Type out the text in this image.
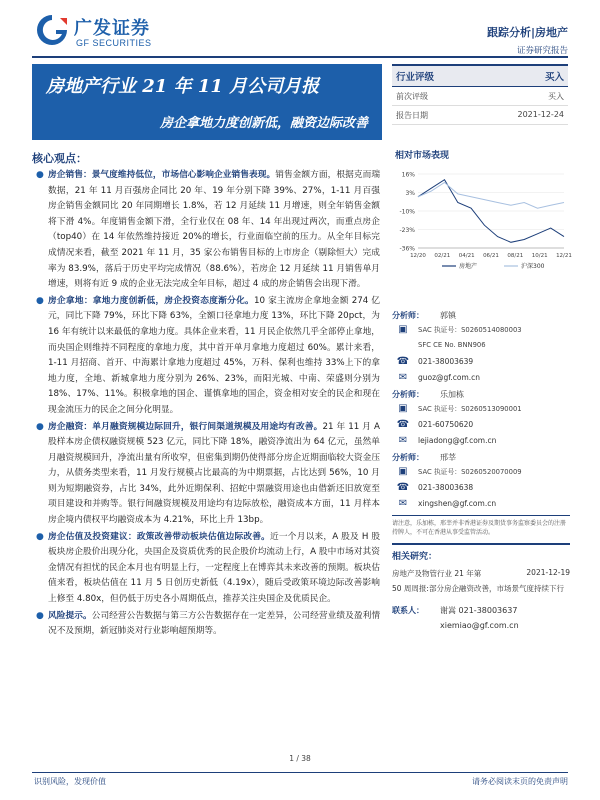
广发证券
GF SECURITIES
跟踪分析|房地产
证券研究报告
房地产行业 21 年 11 月公司月报
房企拿地力度创新低，融资边际改善
行业评级	买入
前次评级	买入
报告日期	2021-12-24
核心观点：

● 房企销售：景气度维持低位，市场信心影响企业销售表现。销售金额方面，根据克而瑞数据，21 年 11 月百强房企同比 20 年、19 年分别下降 39%、27%，1-11 月百强房企销售金额同比 20 年同期增长 1.8%，若 12 月延续 11 月增速，则全年销售金额将下滑 4%。年度销售金额下滑，全行业仅在 08 年、14 年出现过两次，而重点房企（top40）在 14 年依然维持接近 20%的增长，行业面临空前的压力。从全年目标完成情况来看，截至 2021 年 11 月，35 家公布销售目标的上市房企（剔除恒大）完成率为 83.9%，落后于历史平均完成情况（88.6%），若房企 12 月延续 11 月销售单月增速，则将有近 9 成的企业无法完成全年目标，超过 4 成的房企销售会出现下滑。

● 房企拿地：拿地力度创新低，房企投资态度渐分化。10 家主流房企拿地金额 274 亿元，同比下降 79%，环比下降 63%，全额口径拿地力度 13%，环比下降 20pct，为 16 年有统计以来最低的拿地力度。具体企业来看，11 月民企依然几乎全部停止拿地，而央国企则维持不同程度的拿地力度，其中首开单月拿地力度超过 60%。累计来看，1-11 月招商、首开、中海累计拿地力度超过 45%，万科、保利也维持 33%上下的拿地力度，全地、新城拿地力度分别为 26%、23%，而阳光城、中南、荣盛则分别为 18%、17%、11%。积极拿地的国企、谨慎拿地的国企，资金相对安全的民企和现在现金流压力的民企之间分化明显。

● 房企融资：单月融资规模边际回升，银行间渠道规模及用途均有改善。21 年 11 月 A 股样本房企债权融资规模 523 亿元，同比下降 18%，融资净流出为 64 亿元，虽然单月融资规模回升，净流出量有所收窄，但密集到期仍使得部分房企近期面临较大资金压力，从债务类型来看，11 月发行规模占比最高的为中期票据，占比达到 56%，10 月则为短期融资券，占比 34%，此外近期保利、招蛇中票融资用途也由借新还旧放宽至项目建设和并购等。银行间融资规模及用途均有边际放松，融资成本方面，11 月样本房企境内债权平均融资成本为 4.21%，环比上升 13bp。

● 房企估值及投资建议：政策改善带动板块估值边际改善。近一个月以来，A 股及 H 股板块房企股价出现分化，央国企及资质优秀的民企股价均流动上行，A 股中市场对其资金情况有担忧的民企本月也有明显上行，一定程度上在博弈其未来改善的预期。板块估值来看，板块估值在 11 月 5 日创历史新低（4.19x），随后受政策环境边际改善影响上修至 4.80x，但仍低于历史各小周期低点，推荐关注央国企及优质民企。

● 风险提示。公司经营公告数据与第三方公告数据存在一定差异，公司经营业绩及盈利情况不及预期，新冠肺炎对行业影响超预期等。

相对市场表现
16%
3%
-10%
-23%
-36%
12/20 02/21 04/21 06/21 08/21 10/21 12/21
房地产	沪深300
分析师： 郭镇
▣	SAC 执证号：S0260514080003
SFC CE No. BNN906
☎	021-38003639
✉	guoz@gf.com.cn
分析师： 乐加栋
▣	SAC 执证号：S0260513090001
☎	021-60750620
✉	lejiadong@gf.com.cn
分析师： 邢莘
▣	SAC 执证号：S0260520070009
☎	021-38003638
✉	xingshen@gf.com.cn
请注意，乐加栋，邢莘并非香港证券及期货事务监察委员会的注册持牌人，不可在香港从事受监管活动。
相关研究：
房地产及物管行业 21 年第	2021-12-19
50 周周报:部分房企融资改善，市场景气度持续下行
联系人：	谢嵩 021-38003637
xiemiao@gf.com.cn
1 / 38
识别风险，发现价值	请务必阅读末页的免责声明
